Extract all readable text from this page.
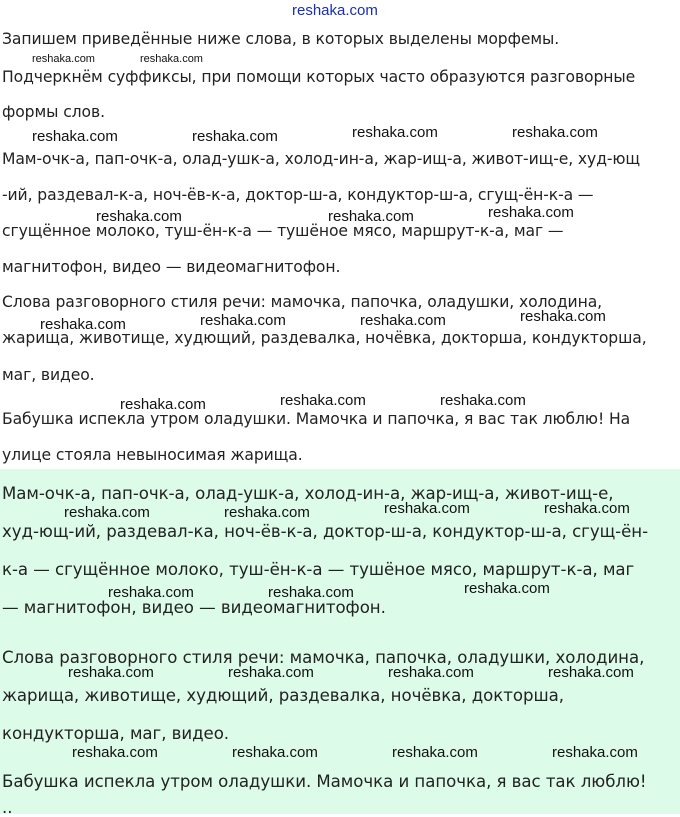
Запишем приведённые ниже слова, в которых выделены морфемы.
Подчеркнём суффиксы, при помощи которых часто образуются разговорные
формы слов.
Мам-очк-а, пап-очк-а, олад-ушк-а, холод-ин-а, жар-ищ-а, живот-ищ-е, худ-ющ
-ий, раздевал-к-а, ноч-ёв-к-а, доктор-ш-а, кондуктор-ш-а, сгущ-ён-к-а —
сгущённое молоко, туш-ён-к-а — тушёное мясо, маршрут-к-а, маг —
магнитофон, видео — видеомагнитофон.
Слова разговорного стиля речи: мамочка, папочка, оладушки, холодина,
жарища, животище, худющий, раздевалка, ночёвка, докторша, кондукторша,
маг, видео.
Бабушка испекла утром оладушки. Мамочка и папочка, я вас так люблю! На
улице стояла невыносимая жарища.
Мам-очк-а, пап-очк-а, олад-ушк-а, холод-ин-а, жар-ищ-а, живот-ищ-е,
худ-ющ-ий, раздевал-ка, ноч-ёв-к-а, доктор-ш-а, кондуктор-ш-а, сгущ-ён-
к-а — сгущённое молоко, туш-ён-к-а — тушёное мясо, маршрут-к-а, маг
— магнитофон, видео — видеомагнитофон.
Слова разговорного стиля речи: мамочка, папочка, оладушки, холодина,
жарища, животище, худющий, раздевалка, ночёвка, докторша,
кондукторша, маг, видео.
Бабушка испекла утром оладушки. Мамочка и папочка, я вас так люблю!
..
reshaka.com
reshaka.com	reshaka.com
reshaka.com	reshaka.com	reshaka.com	reshaka.com
reshaka.com	reshaka.com	reshaka.com
reshaka.com	reshaka.com	reshaka.com	reshaka.com
reshaka.com	reshaka.com	reshaka.com
reshaka.com	reshaka.com	reshaka.com	reshaka.com
reshaka.com	reshaka.com	reshaka.com
reshaka.com	reshaka.com	reshaka.com	reshaka.com
reshaka.com	reshaka.com	reshaka.com	reshaka.com
